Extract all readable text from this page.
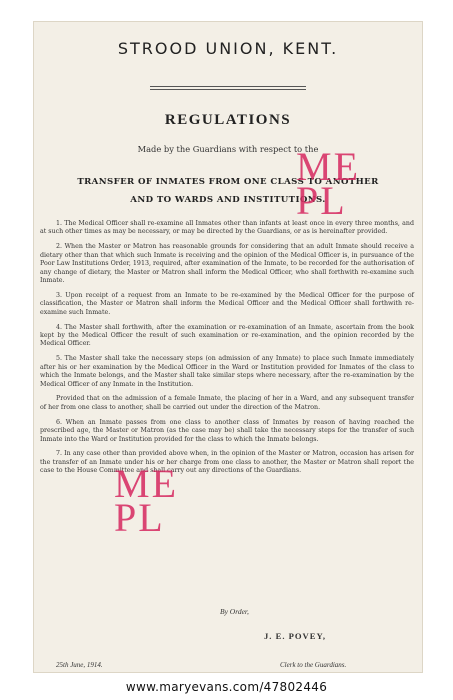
STROOD UNION, KENT.
REGULATIONS
Made by the Guardians with respect to the
TRANSFER OF INMATES FROM ONE CLASS TO ANOTHER
AND TO WARDS AND INSTITUTIONS.

1. The Medical Officer shall re-examine all Inmates other than infants at least once in every three months, and at such other times as may be necessary, or may be directed by the Guardians, or as is hereinafter provided.

2. When the Master or Matron has reasonable grounds for considering that an adult Inmate should receive a dietary other than that which such Inmate is receiving and the opinion of the Medical Officer is, in pursuance of the Poor Law Institutions Order, 1913, required, after examination of the Inmate, to be recorded for the authorisation of any change of dietary, the Master or Matron shall inform the Medical Officer, who shall forthwith re-examine such Inmate.

3. Upon receipt of a request from an Inmate to be re-examined by the Medical Officer for the purpose of classification, the Master or Matron shall inform the Medical Officer and the Medical Officer shall forthwith re-examine such Inmate.

4. The Master shall forthwith, after the examination or re-examination of an Inmate, ascertain from the book kept by the Medical Officer the result of such examination or re-examination, and the opinion recorded by the Medical Officer.

5. The Master shall take the necessary steps (on admission of any Inmate) to place such Inmate immediately after his or her examination by the Medical Officer in the Ward or Institution provided for Inmates of the class to which the Inmate belongs, and the Master shall take similar steps where necessary, after the re-examination by the Medical Officer of any Inmate in the Institution.

Provided that on the admission of a female Inmate, the placing of her in a Ward, and any subsequent transfer of her from one class to another, shall be carried out under the direction of the Matron.

6. When an Inmate passes from one class to another class of Inmates by reason of having reached the prescribed age, the Master or Matron (as the case may be) shall take the necessary steps for the transfer of such Inmate into the Ward or Institution provided for the class to which the Inmate belongs.

7. In any case other than provided above when, in the opinion of the Master or Matron, occasion has arisen for the transfer of an Inmate under his or her charge from one class to another, the Master or Matron shall report the case to the House Committee and shall carry out any directions of the Guardians.

By Order,
J. E. POVEY,
25th June, 1914.	Clerk to the Guardians.
ME
PL
ME
PL
www.maryevans.com/47802446
